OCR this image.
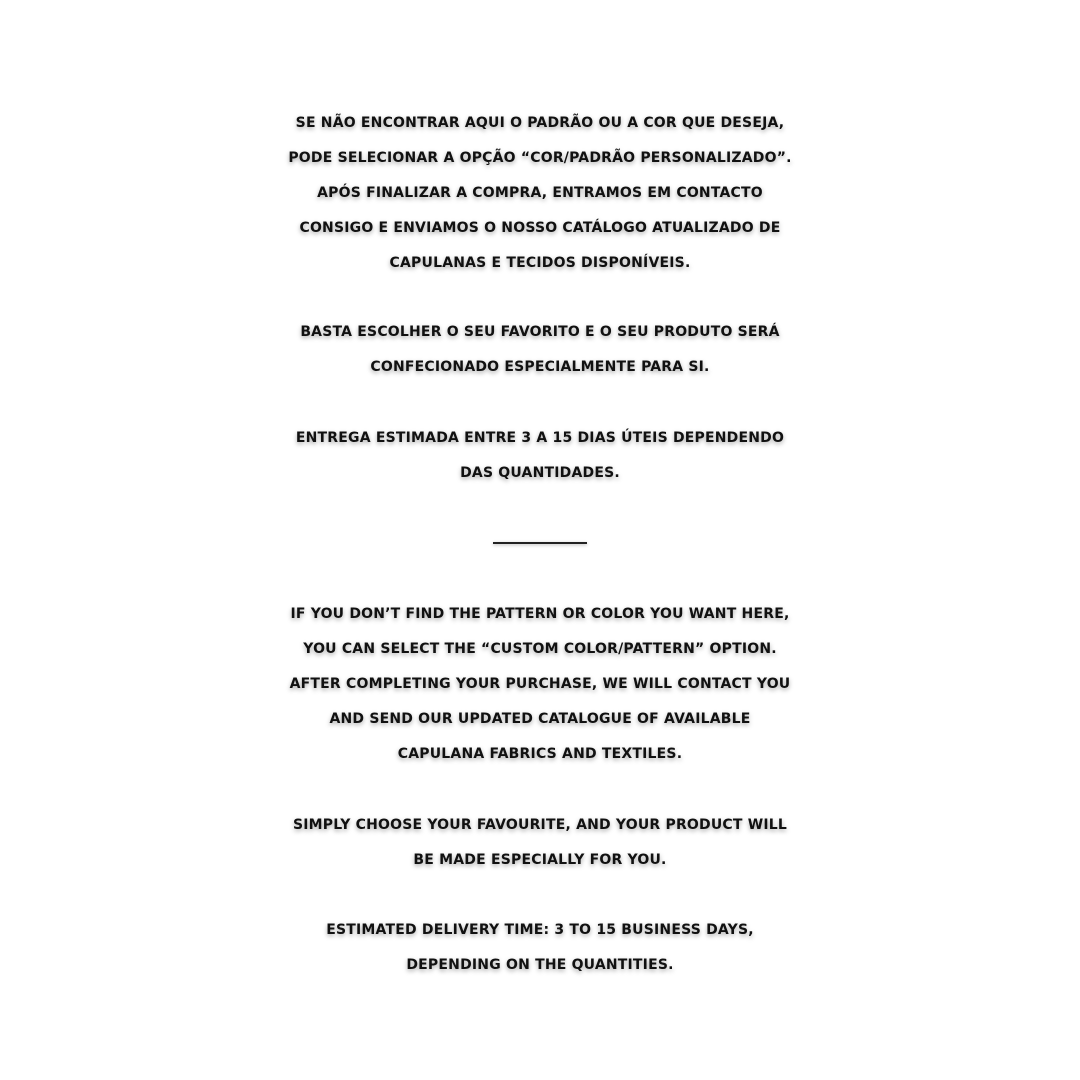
SE NÃO ENCONTRAR AQUI O PADRÃO OU A COR QUE DESEJA,
PODE SELECIONAR A OPÇÃO “COR/PADRÃO PERSONALIZADO”.
APÓS FINALIZAR A COMPRA, ENTRAMOS EM CONTACTO
CONSIGO E ENVIAMOS O NOSSO CATÁLOGO ATUALIZADO DE
CAPULANAS E TECIDOS DISPONÍVEIS.
BASTA ESCOLHER O SEU FAVORITO E O SEU PRODUTO SERÁ
CONFECIONADO ESPECIALMENTE PARA SI.
ENTREGA ESTIMADA ENTRE 3 A 15 DIAS ÚTEIS DEPENDENDO
DAS QUANTIDADES.
IF YOU DON’T FIND THE PATTERN OR COLOR YOU WANT HERE,
YOU CAN SELECT THE “CUSTOM COLOR/PATTERN” OPTION.
AFTER COMPLETING YOUR PURCHASE, WE WILL CONTACT YOU
AND SEND OUR UPDATED CATALOGUE OF AVAILABLE
CAPULANA FABRICS AND TEXTILES.
SIMPLY CHOOSE YOUR FAVOURITE, AND YOUR PRODUCT WILL
BE MADE ESPECIALLY FOR YOU.
ESTIMATED DELIVERY TIME: 3 TO 15 BUSINESS DAYS,
DEPENDING ON THE QUANTITIES.
